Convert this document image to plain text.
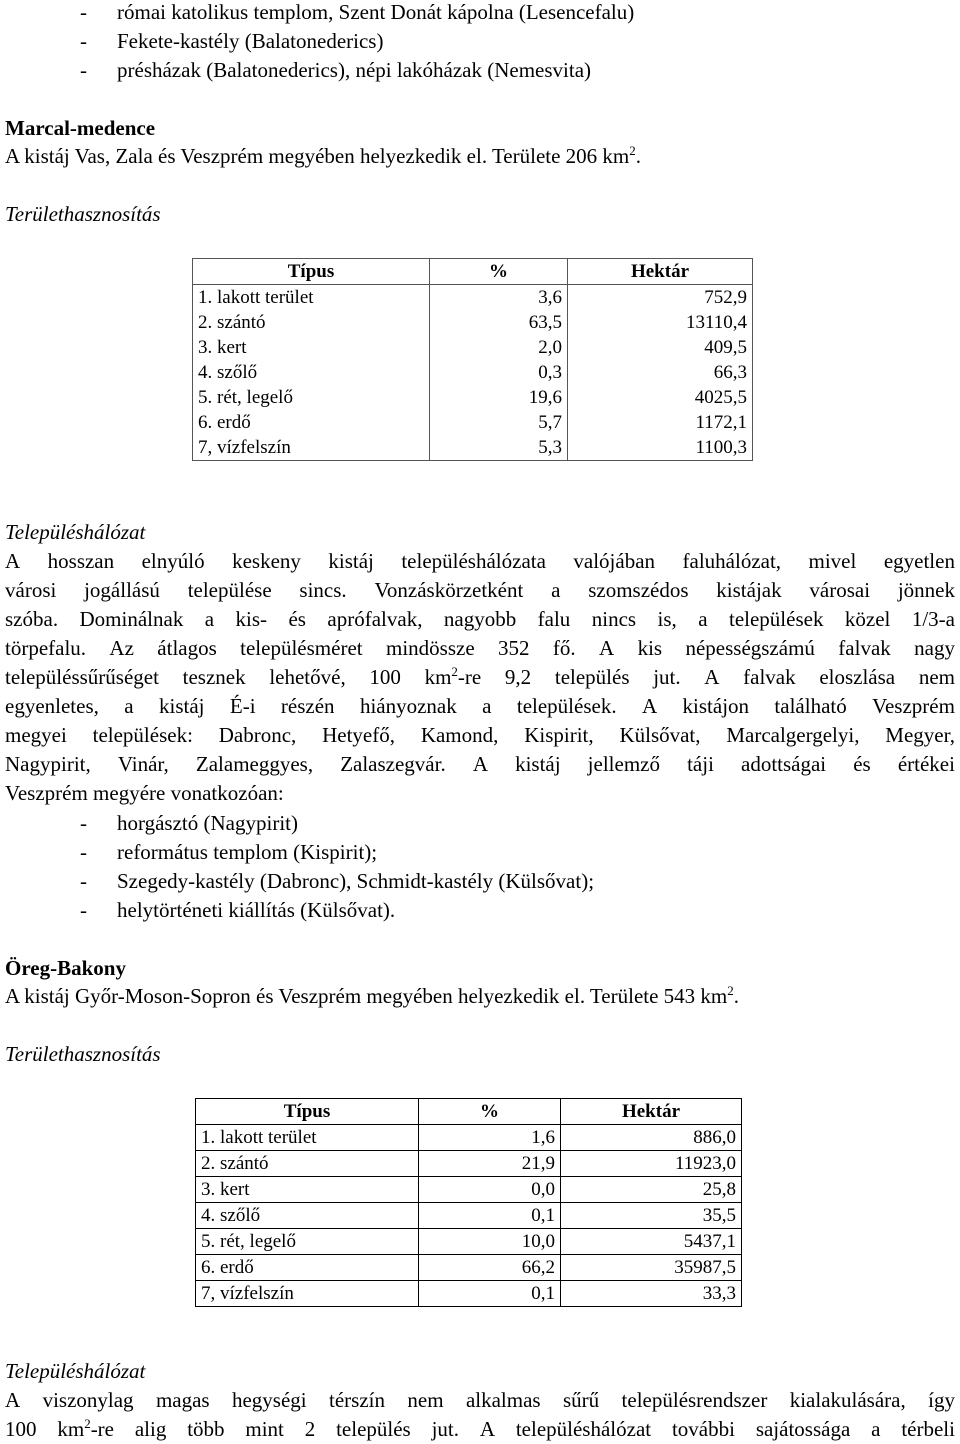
- római katolikus templom, Szent Donát kápolna (Lesencefalu)
- Fekete-kastély (Balatonederics)
- présházak (Balatonederics), népi lakóházak (Nemesvita)
Marcal-medence
A kistáj Vas, Zala és Veszprém megyében helyezkedik el. Területe 206 $km^2$.
Területhasznosítás
Típus	%	Hektár
1. lakott terület	3,6	752,9
2. szántó	63,5	13110,4
3. kert	2,0	409,5
4. szőlő	0,3	66,3
5. rét, legelő	19,6	4025,5
6. erdő	5,7	1172,1
7, vízfelszín	5,3	1100,3
Településhálózat
A hosszan elnyúló keskeny kistáj településhálózata valójában faluhálózat, mivel egyetlen
városi jogállású települése sincs. Vonzáskörzetként a szomszédos kistájak városai jönnek
szóba. Dominálnak a kis- és aprófalvak, nagyobb falu nincs is, a települések közel 1/3-a
törpefalu. Az átlagos településméret mindössze 352 fő. A kis népességszámú falvak nagy
településsűrűséget tesznek lehetővé, 100 $km^2-re$ 9,2 település jut. A falvak eloszlása nem
egyenletes, a kistáj É-i részén hiányoznak a települések. A kistájon található Veszprém
megyei települések: Dabronc, Hetyefő, Kamond, Kispirit, Külsővat, Marcalgergelyi, Megyer,
Nagypirit, Vinár, Zalameggyes, Zalaszegvár. A kistáj jellemző táji adottságai és értékei
Veszprém megyére vonatkozóan:
- horgásztó (Nagypirit)
- református templom (Kispirit);
- Szegedy-kastély (Dabronc), Schmidt-kastély (Külsővat);
- helytörténeti kiállítás (Külsővat).
Öreg-Bakony
A kistáj Győr-Moson-Sopron és Veszprém megyében helyezkedik el. Területe 543 $km^2$.
Területhasznosítás
Típus	%	Hektár
1. lakott terület	1,6	886,0
2. szántó	21,9	11923,0
3. kert	0,0	25,8
4. szőlő	0,1	35,5
5. rét, legelő	10,0	5437,1
6. erdő	66,2	35987,5
7, vízfelszín	0,1	33,3
Településhálózat
A viszonylag magas hegységi térszín nem alkalmas sűrű településrendszer kialakulására, így
100 $km^2-re$ alig több mint 2 település jut. A településhálózat további sajátossága a térbeli
